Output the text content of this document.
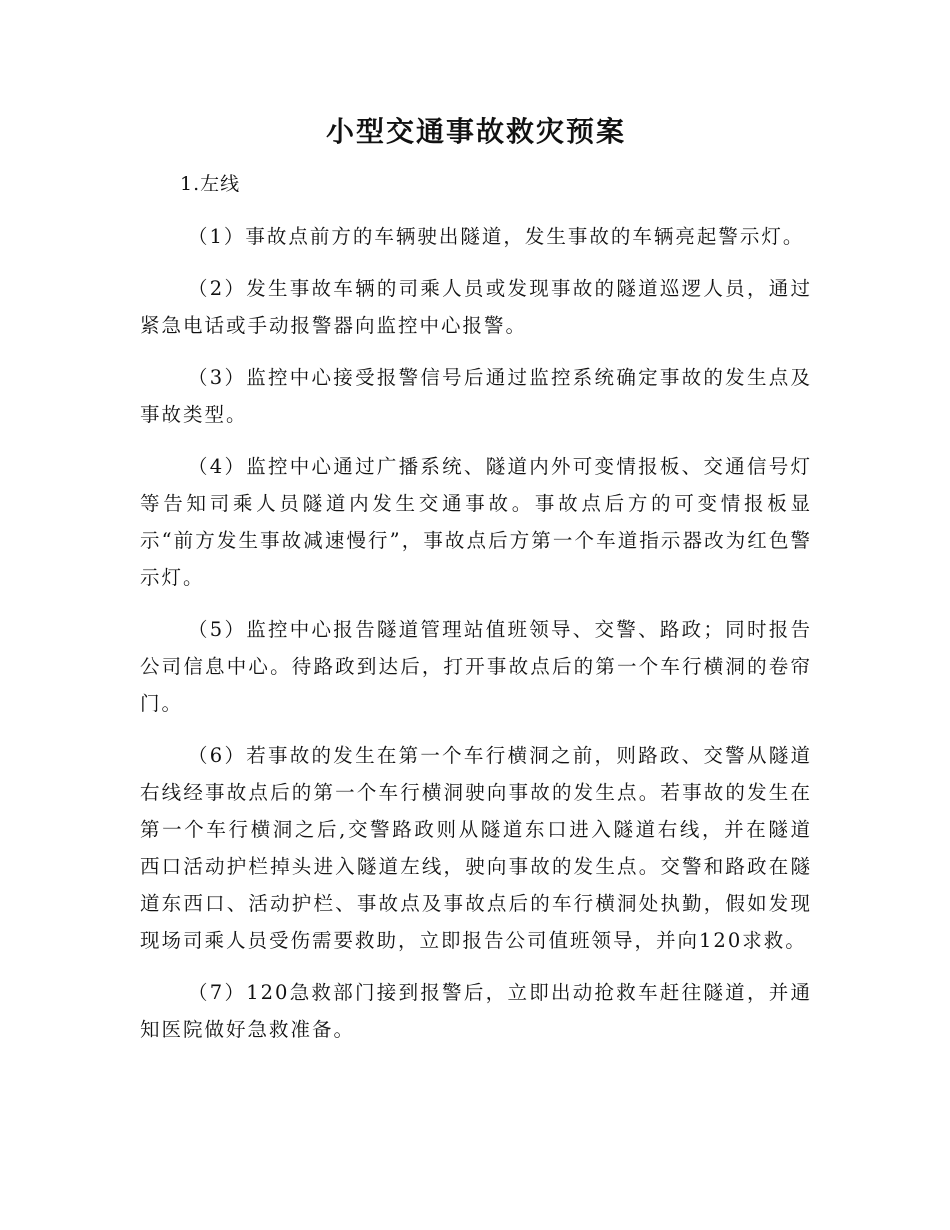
小型交通事故救灾预案
1.左线

（1）事故点前方的车辆驶出隧道，发生事故的车辆亮起警示灯。

（2）发生事故车辆的司乘人员或发现事故的隧道巡逻人员，通过紧急电话或手动报警器向监控中心报警。

（3）监控中心接受报警信号后通过监控系统确定事故的发生点及事故类型。

（4）监控中心通过广播系统、隧道内外可变情报板、交通信号灯等告知司乘人员隧道内发生交通事故。事故点后方的可变情报板显示“前方发生事故减速慢行”，事故点后方第一个车道指示器改为红色警示灯。

（5）监控中心报告隧道管理站值班领导、交警、路政；同时报告公司信息中心。待路政到达后，打开事故点后的第一个车行横洞的卷帘门。

（6）若事故的发生在第一个车行横洞之前，则路政、交警从隧道右线经事故点后的第一个车行横洞驶向事故的发生点。若事故的发生在第一个车行横洞之后,交警路政则从隧道东口进入隧道右线，并在隧道西口活动护栏掉头进入隧道左线，驶向事故的发生点。交警和路政在隧道东西口、活动护栏、事故点及事故点后的车行横洞处执勤，假如发现现场司乘人员受伤需要救助，立即报告公司值班领导，并向120求救。

（7）120急救部门接到报警后，立即出动抢救车赶往隧道，并通知医院做好急救准备。
